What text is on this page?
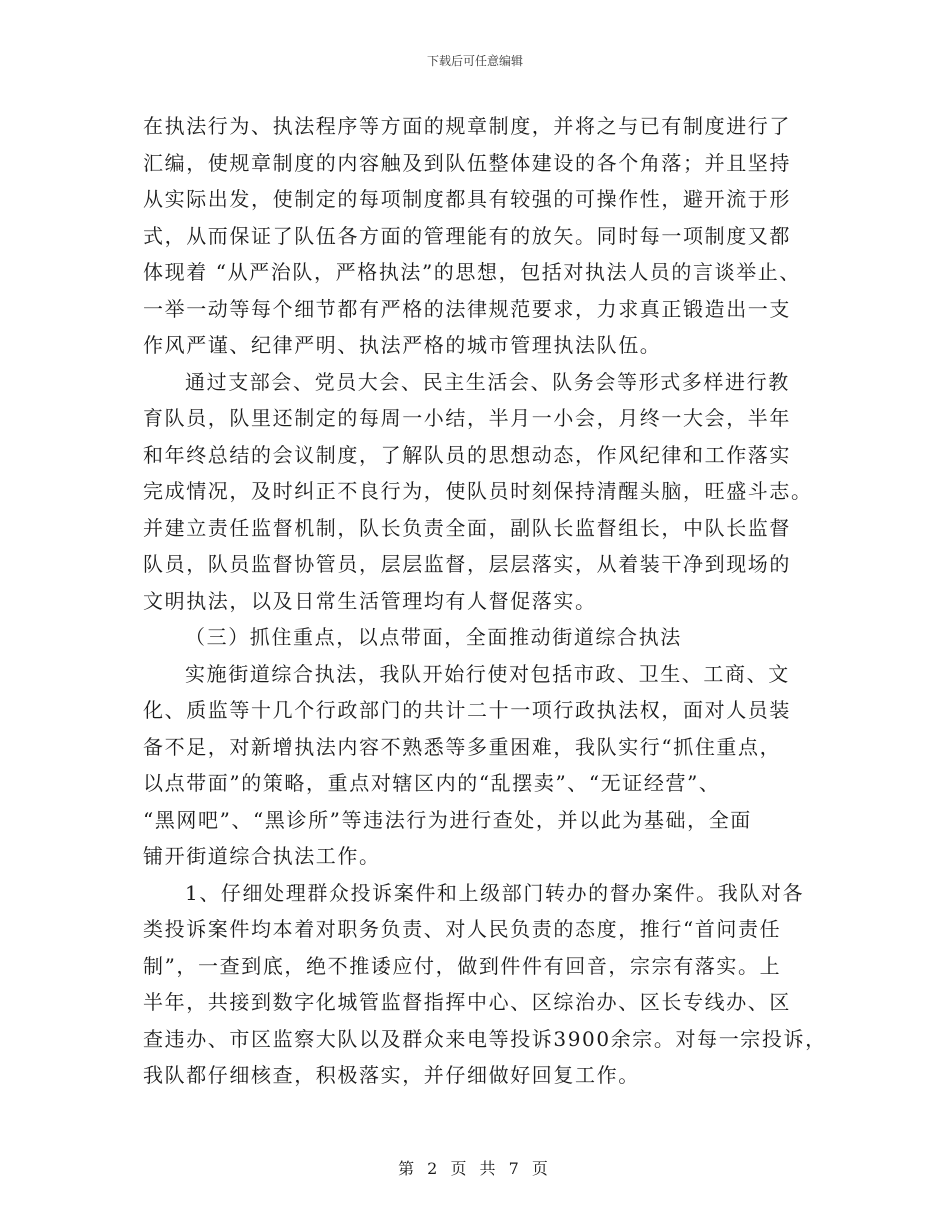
下载后可任意编辑
在执法行为、执法程序等方面的规章制度，并将之与已有制度进行了
汇编，使规章制度的内容触及到队伍整体建设的各个角落；并且坚持
从实际出发，使制定的每项制度都具有较强的可操作性，避开流于形
式，从而保证了队伍各方面的管理能有的放矢。同时每一项制度又都
体现着 “从严治队，严格执法”的思想，包括对执法人员的言谈举止、
一举一动等每个细节都有严格的法律规范要求，力求真正锻造出一支
作风严谨、纪律严明、执法严格的城市管理执法队伍。
通过支部会、党员大会、民主生活会、队务会等形式多样进行教
育队员，队里还制定的每周一小结，半月一小会，月终一大会，半年
和年终总结的会议制度，了解队员的思想动态，作风纪律和工作落实
完成情况，及时纠正不良行为，使队员时刻保持清醒头脑，旺盛斗志。
并建立责任监督机制，队长负责全面，副队长监督组长，中队长监督
队员，队员监督协管员，层层监督，层层落实，从着装干净到现场的
文明执法，以及日常生活管理均有人督促落实。
（三）抓住重点，以点带面，全面推动街道综合执法
实施街道综合执法，我队开始行使对包括市政、卫生、工商、文
化、质监等十几个行政部门的共计二十一项行政执法权，面对人员装
备不足，对新增执法内容不熟悉等多重困难，我队实行“抓住重点，
以点带面”的策略，重点对辖区内的“乱摆卖”、“无证经营”、
“黑网吧”、“黑诊所”等违法行为进行查处，并以此为基础，全面
铺开街道综合执法工作。
1、仔细处理群众投诉案件和上级部门转办的督办案件。我队对各
类投诉案件均本着对职务负责、对人民负责的态度，推行“首问责任
制”，一查到底，绝不推诿应付，做到件件有回音，宗宗有落实。上
半年，共接到数字化城管监督指挥中心、区综治办、区长专线办、区
查违办、市区监察大队以及群众来电等投诉3900余宗。对每一宗投诉，
我队都仔细核查，积极落实，并仔细做好回复工作。
第 2 页 共 7 页
